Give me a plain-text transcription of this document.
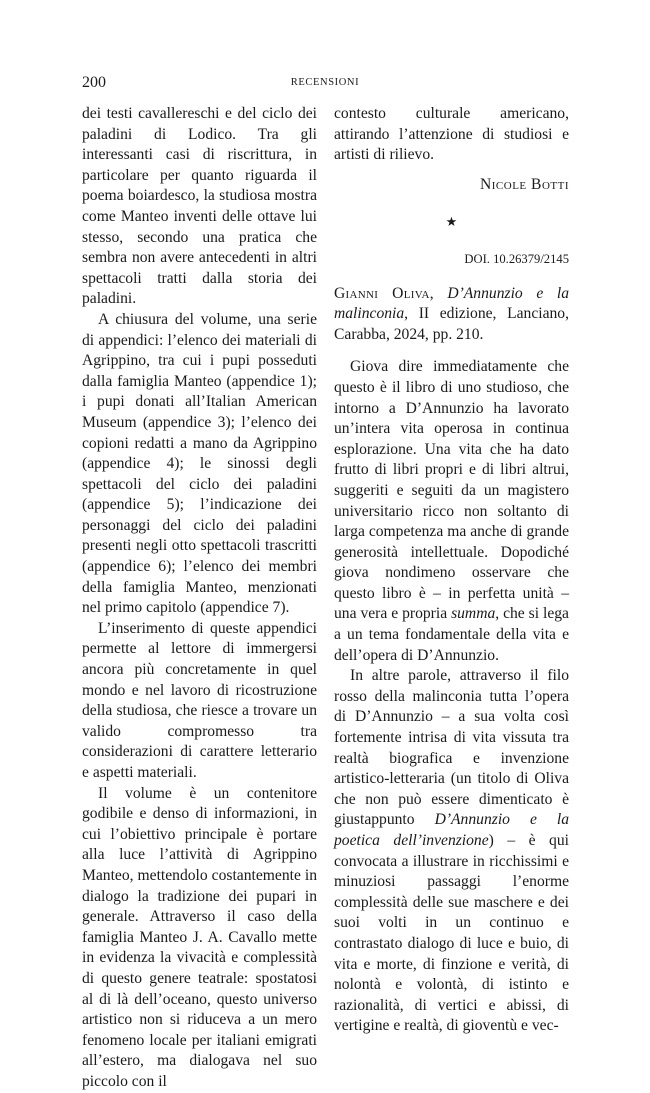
200	RECENSIONI

dei testi cavallereschi e del ciclo dei paladini di Lodico. Tra gli interessanti casi di riscrittura, in particolare per quanto riguarda il poema boiardesco, la studiosa mostra come Manteo inventi delle ottave lui stesso, secondo una pratica che sembra non avere antecedenti in altri spettacoli tratti dalla storia dei paladini.

A chiusura del volume, una serie di appendici: l’elenco dei materiali di Agrippino, tra cui i pupi posseduti dalla famiglia Manteo (appendice 1); i pupi donati all’Italian American Museum (appendice 3); l’elenco dei copioni redatti a mano da Agrippino (appendice 4); le sinossi degli spettacoli del ciclo dei paladini (appendice 5); l’indicazione dei personaggi del ciclo dei paladini presenti negli otto spettacoli trascritti (appendice 6); l’elenco dei membri della famiglia Manteo, menzionati nel primo capitolo (appendice 7).

L’inserimento di queste appendici permette al lettore di immergersi ancora più concretamente in quel mondo e nel lavoro di ricostruzione della studiosa, che riesce a trovare un valido compromesso tra considerazioni di carattere letterario e aspetti materiali.

Il volume è un contenitore godibile e denso di informazioni, in cui l’obiettivo principale è portare alla luce l’attività di Agrippino Manteo, mettendolo costantemente in dialogo la tradizione dei pupari in generale. Attraverso il caso della famiglia Manteo J. A. Cavallo mette in evidenza la vivacità e complessità di questo genere teatrale: spostatosi al di là dell’oceano, questo universo artistico non si riduceva a un mero fenomeno locale per italiani emigrati all’estero, ma dialogava nel suo piccolo con il

contesto culturale americano, attirando l’attenzione di studiosi e artisti di rilievo.

Nicole Botti
★
DOI. 10.26379/2145

Gianni Oliva, D’Annunzio e la malinconia, II edizione, Lanciano, Carabba, 2024, pp. 210.

Giova dire immediatamente che questo è il libro di uno studioso, che intorno a D’Annunzio ha lavorato un’intera vita operosa in continua esplorazione. Una vita che ha dato frutto di libri propri e di libri altrui, suggeriti e seguiti da un magistero universitario ricco non soltanto di larga competenza ma anche di grande generosità intellettuale. Dopodiché giova nondimeno osservare che questo libro è – in perfetta unità – una vera e propria summa, che si lega a un tema fondamentale della vita e dell’opera di D’Annunzio.

In altre parole, attraverso il filo rosso della malinconia tutta l’opera di D’Annunzio – a sua volta così fortemente intrisa di vita vissuta tra realtà biografica e invenzione artistico-letteraria (un titolo di Oliva che non può essere dimenticato è giustappunto D’Annunzio e la poetica dell’invenzione) – è qui convocata a illustrare in ricchissimi e minuziosi passaggi l’enorme complessità delle sue maschere e dei suoi volti in un continuo e contrastato dialogo di luce e buio, di vita e morte, di finzione e verità, di nolontà e volontà, di istinto e razionalità, di vertici e abissi, di vertigine e realtà, di gioventù e vec-
